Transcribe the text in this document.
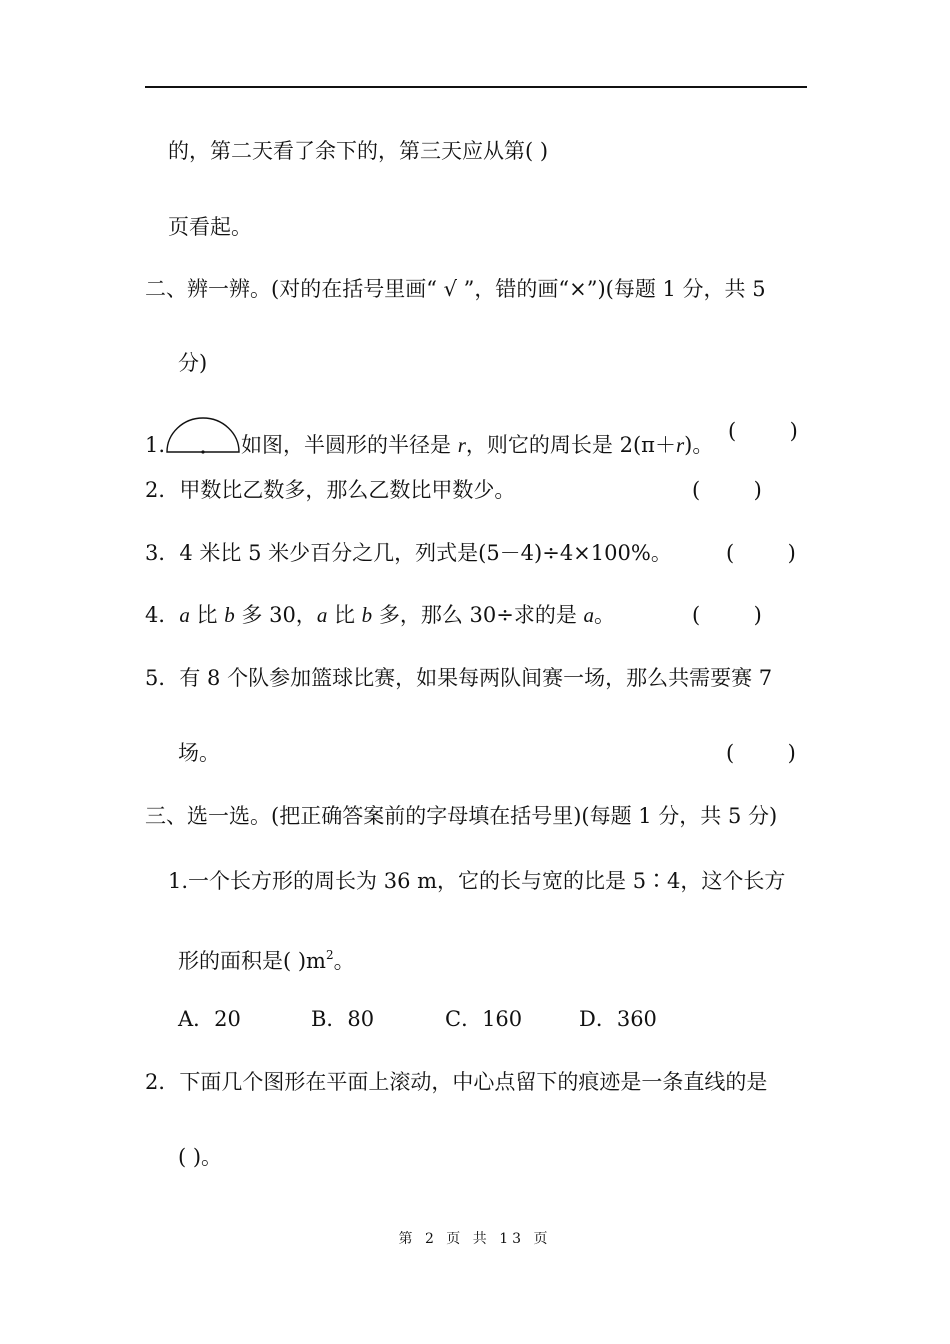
的，第二天看了余下的，第三天应从第( )
页看起。
二、辨一辨。(对的在括号里画“ √ ”，错的画“×”)(每题 1 分，共 5
分)
1.	如图，半圆形的半径是 r，则它的周长是 2(π＋r)。
(        )
2．甲数比乙数多，那么乙数比甲数少。	(        )
3．4 米比 5 米少百分之几，列式是(5－4)÷4×100%。	(        )
4．a 比 b 多 30，a 比 b 多，那么 30÷求的是 a。	(        )
5．有 8 个队参加篮球比赛，如果每两队间赛一场，那么共需要赛 7
场。	(        )
三、选一选。(把正确答案前的字母填在括号里)(每题 1 分，共 5 分)
1.一个长方形的周长为 36 m，它的长与宽的比是 5∶4，这个长方
形的面积是( )$m^2$。
A．20	B．80	C．160	D．360
2．下面几个图形在平面上滚动，中心点留下的痕迹是一条直线的是
( )。
第 2 页 共 13 页
